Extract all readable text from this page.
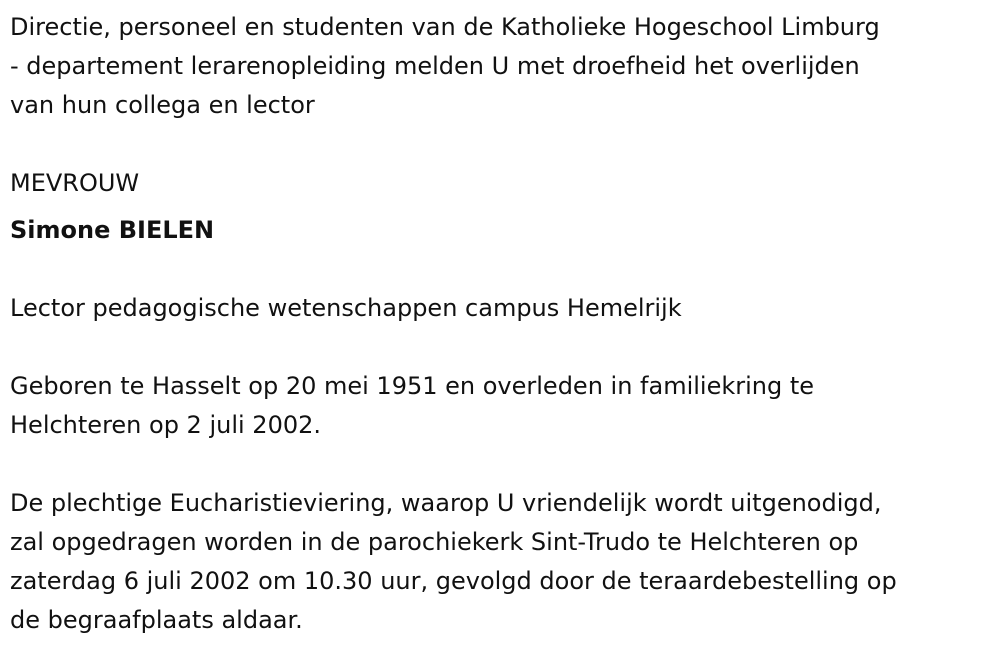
Directie, personeel en studenten van de Katholieke Hogeschool Limburg

- departement lerarenopleiding melden U met droefheid het overlijden

van hun collega en lector

MEVROUW

Simone BIELEN

Lector pedagogische wetenschappen campus Hemelrijk

Geboren te Hasselt op 20 mei 1951 en overleden in familiekring te

Helchteren op 2 juli 2002.

De plechtige Eucharistieviering, waarop U vriendelijk wordt uitgenodigd,

zal opgedragen worden in de parochiekerk Sint-Trudo te Helchteren op

zaterdag 6 juli 2002 om 10.30 uur, gevolgd door de teraardebestelling op

de begraafplaats aldaar.
